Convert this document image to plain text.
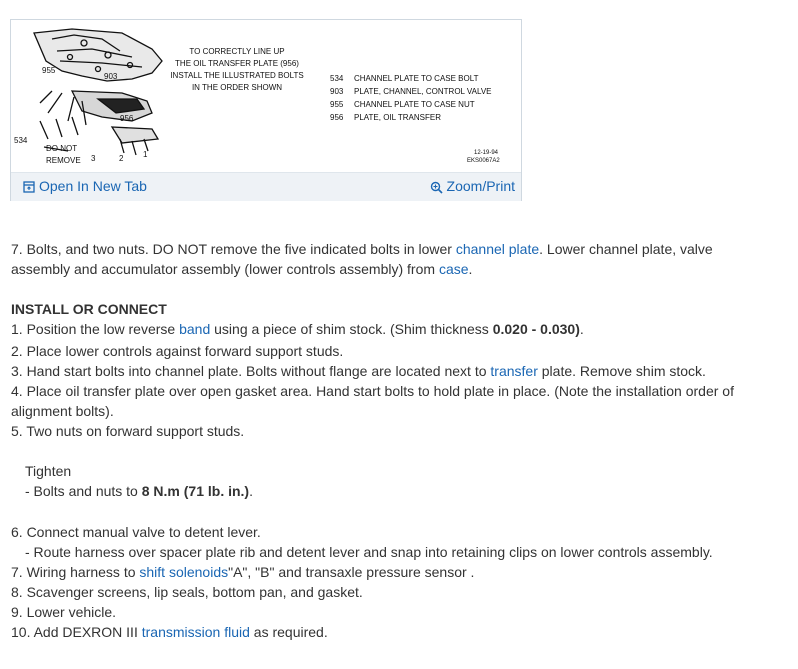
TO CORRECTLY LINE UP
THE OIL TRANSFER PLATE (956)
INSTALL THE ILLUSTRATED BOLTS
IN THE ORDER SHOWN
534 CHANNEL PLATE TO CASE BOLT
903 PLATE, CHANNEL, CONTROL VALVE
955 CHANNEL PLATE TO CASE NUT
956 PLATE, OIL TRANSFER
955
903
956
534
DO NOT
REMOVE 3	2 1	12-19-94
EKS0067A2
Open In New Tab	Zoom/Print
7. Bolts, and two nuts. DO NOT remove the five indicated bolts in lower channel plate. Lower channel plate, valve
assembly and accumulator assembly (lower controls assembly) from case.
INSTALL OR CONNECT
1. Position the low reverse band using a piece of shim stock. (Shim thickness 0.020 - 0.030).
2. Place lower controls against forward support studs.
3. Hand start bolts into channel plate. Bolts without flange are located next to transfer plate. Remove shim stock.
4. Place oil transfer plate over open gasket area. Hand start bolts to hold plate in place. (Note the installation order of
alignment bolts).
5. Two nuts on forward support studs.
Tighten
- Bolts and nuts to 8 N.m (71 lb. in.).
6. Connect manual valve to detent lever.
- Route harness over spacer plate rib and detent lever and snap into retaining clips on lower controls assembly.
7. Wiring harness to shift solenoids"A", "B" and transaxle pressure sensor .
8. Scavenger screens, lip seals, bottom pan, and gasket.
9. Lower vehicle.
10. Add DEXRON III transmission fluid as required.
